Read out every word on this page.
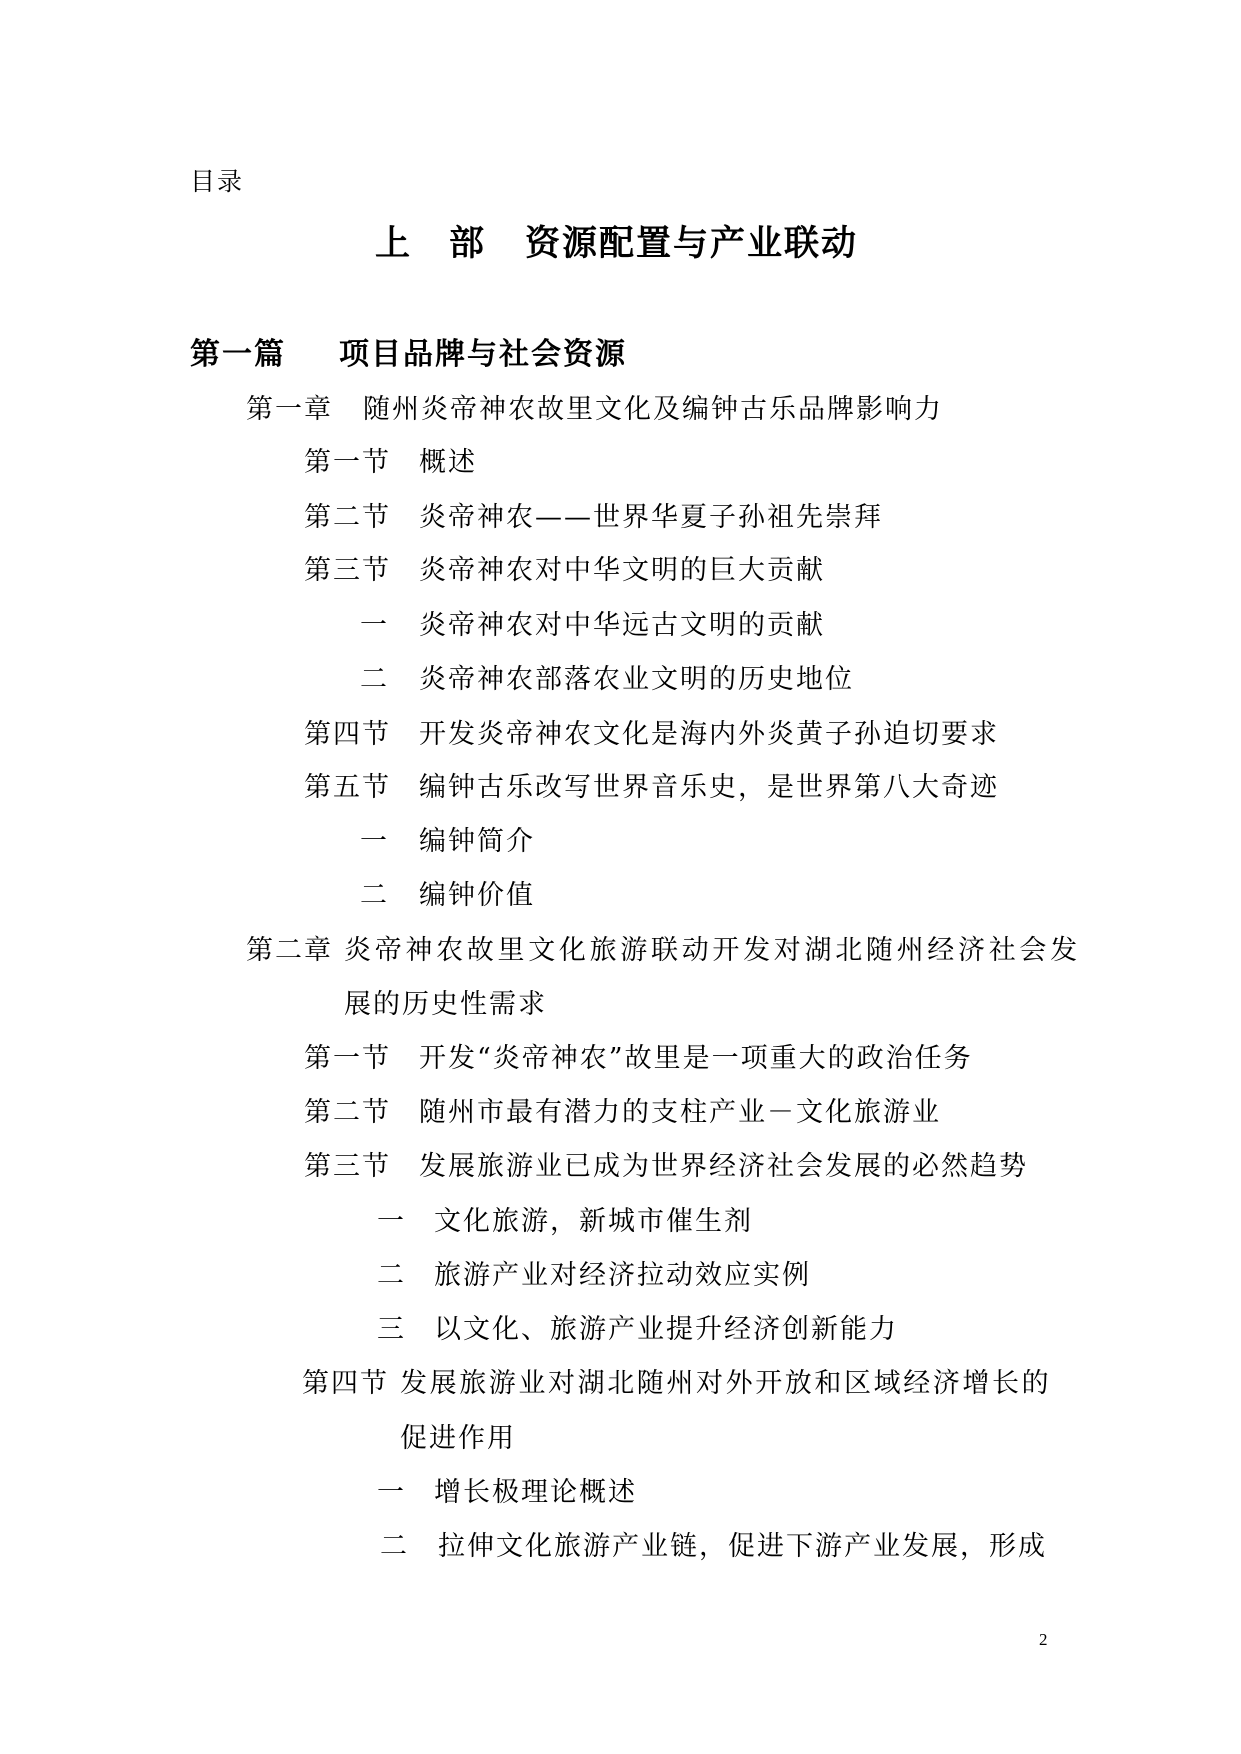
目录
上　部 资源配置与产业联动
第一篇 项目品牌与社会资源
第一章 随州炎帝神农故里文化及编钟古乐品牌影响力
第一节 概述
第二节 炎帝神农——世界华夏子孙祖先崇拜
第三节 炎帝神农对中华文明的巨大贡献
一 炎帝神农对中华远古文明的贡献
二 炎帝神农部落农业文明的历史地位
第四节 开发炎帝神农文化是海内外炎黄子孙迫切要求
第五节 编钟古乐改写世界音乐史，是世界第八大奇迹
一 编钟简介
二 编钟价值
第二章 炎帝神农故里文化旅游联动开发对湖北随州经济社会发
展的历史性需求
第一节 开发“炎帝神农”故里是一项重大的政治任务
第二节 随州市最有潜力的支柱产业－文化旅游业
第三节 发展旅游业已成为世界经济社会发展的必然趋势
一 文化旅游，新城市催生剂
二 旅游产业对经济拉动效应实例
三 以文化、旅游产业提升经济创新能力
第四节 发展旅游业对湖北随州对外开放和区域经济增长的
促进作用
一 增长极理论概述
二 拉伸文化旅游产业链，促进下游产业发展，形成
2
